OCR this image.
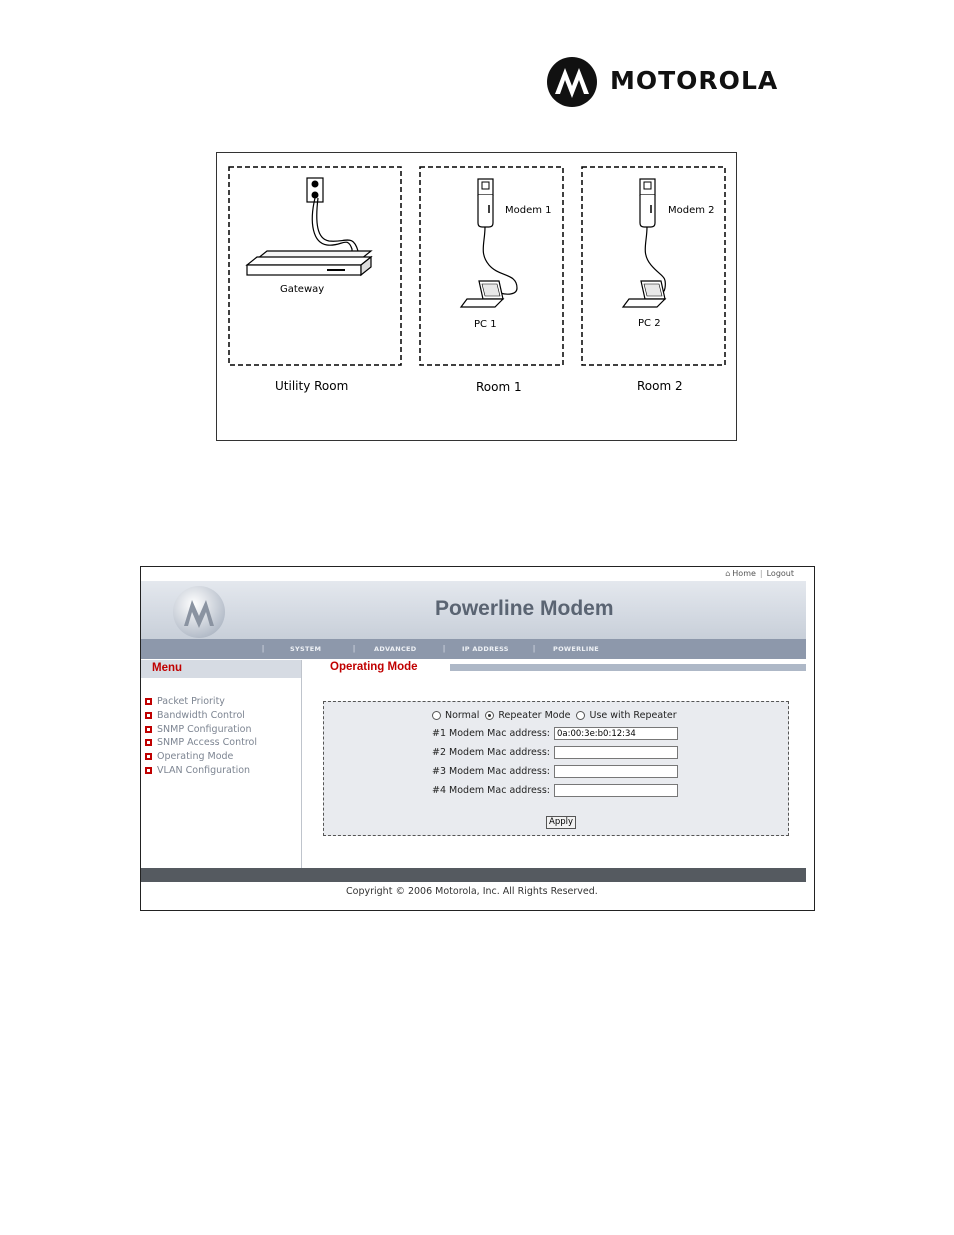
MOTOROLA
Gateway
Modem 1	Modem 2
PC 1	PC 2
Utility Room	Room 1	Room 2
⌂ Home | Logout
Powerline Modem
|	SYSTEM	|	ADVANCED	|	IP ADDRESS	|	POWERLINE
Menu
Packet Priority
Bandwidth Control
SNMP Configuration
SNMP Access Control
Operating Mode
VLAN Configuration
Operating Mode
Normal Repeater Mode Use with Repeater
#1 Modem Mac address: 0a:00:3e:b0:12:34
#2 Modem Mac address:
#3 Modem Mac address:
#4 Modem Mac address:
Apply
Copyright © 2006 Motorola, Inc. All Rights Reserved.
